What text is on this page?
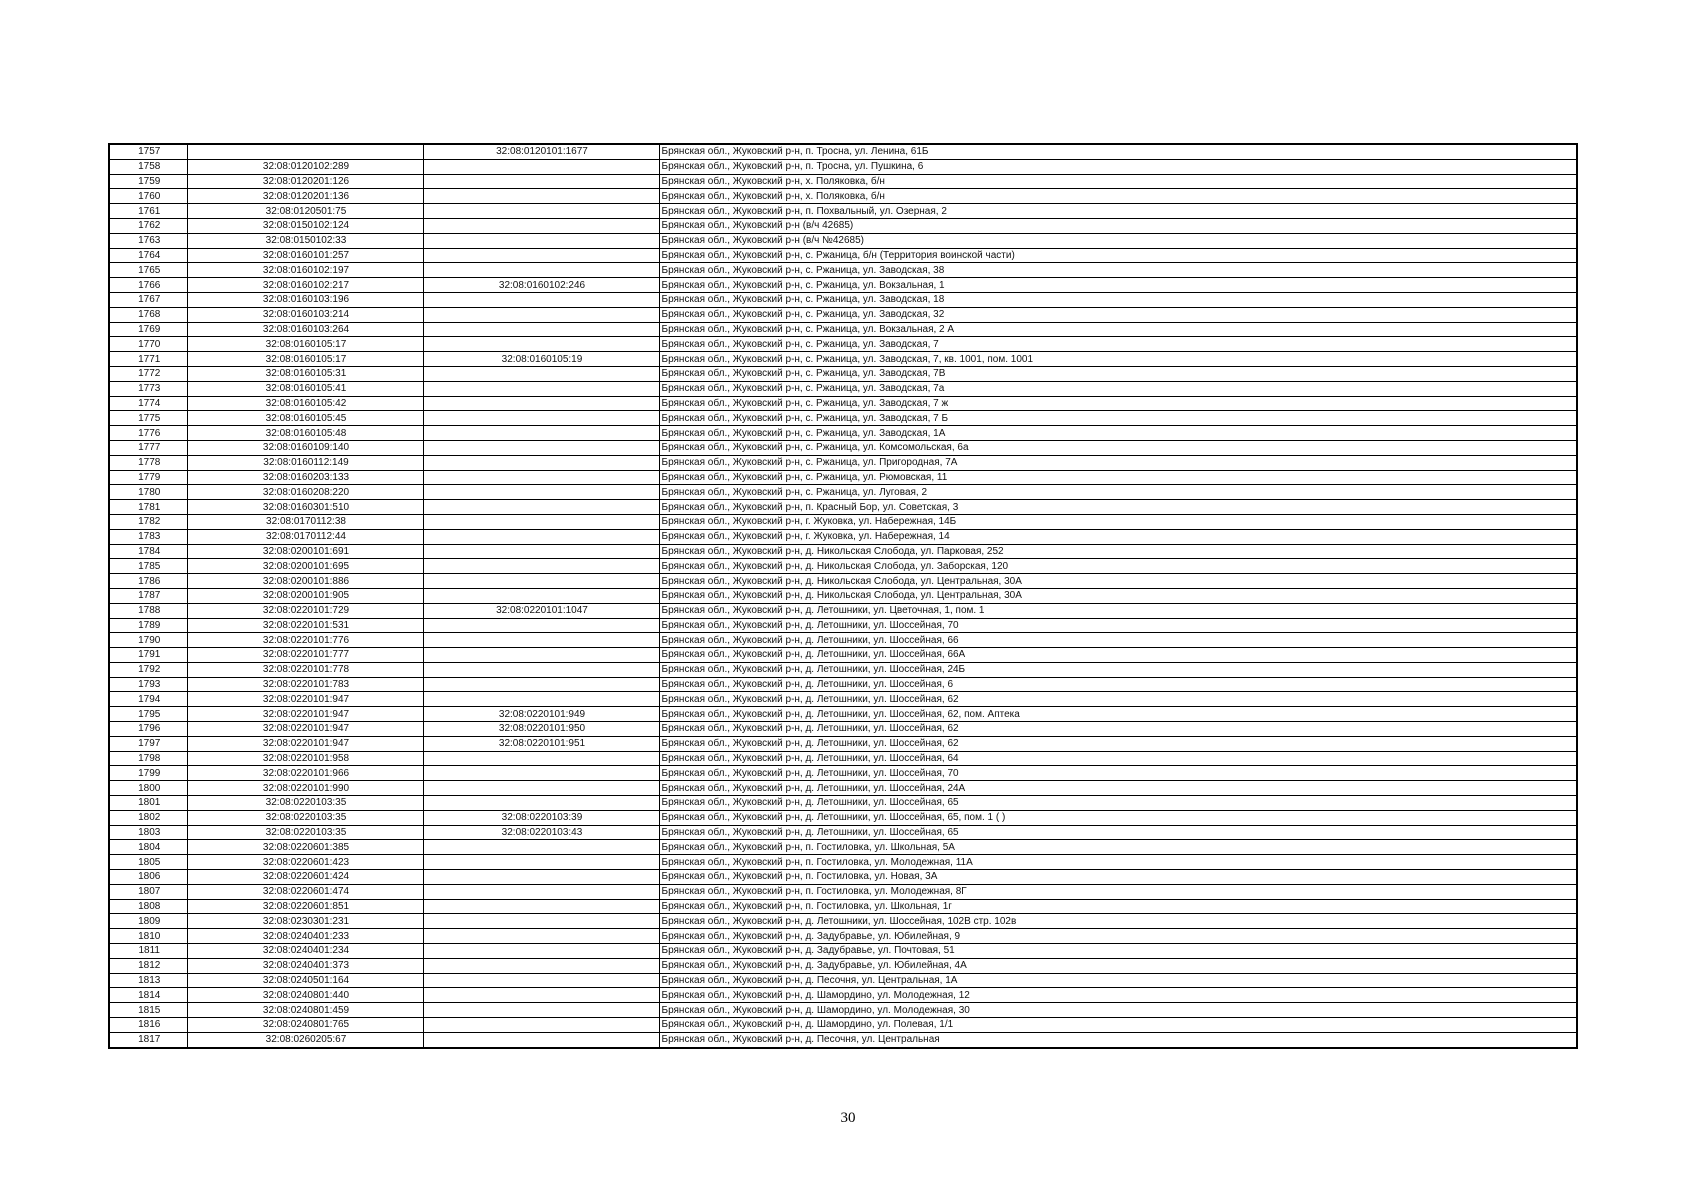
1757		32:08:0120101:1677	Брянская обл., Жуковский р-н, п. Тросна, ул. Ленина, 61Б
1758	32:08:0120102:289		Брянская обл., Жуковский р-н, п. Тросна, ул. Пушкина, 6
1759	32:08:0120201:126		Брянская обл., Жуковский р-н, х. Поляковка, б/н
1760	32:08:0120201:136		Брянская обл., Жуковский р-н, х. Поляковка, б/н
1761	32:08:0120501:75		Брянская обл., Жуковский р-н, п. Похвальный, ул. Озерная, 2
1762	32:08:0150102:124		Брянская обл., Жуковский р-н (в/ч 42685)
1763	32:08:0150102:33		Брянская обл., Жуковский р-н (в/ч №42685)
1764	32:08:0160101:257		Брянская обл., Жуковский р-н, с. Ржаница, б/н (Территория воинской части)
1765	32:08:0160102:197		Брянская обл., Жуковский р-н, с. Ржаница, ул. Заводская, 38
1766	32:08:0160102:217	32:08:0160102:246	Брянская обл., Жуковский р-н, с. Ржаница, ул. Вокзальная, 1
1767	32:08:0160103:196		Брянская обл., Жуковский р-н, с. Ржаница, ул. Заводская, 18
1768	32:08:0160103:214		Брянская обл., Жуковский р-н, с. Ржаница, ул. Заводская, 32
1769	32:08:0160103:264		Брянская обл., Жуковский р-н, с. Ржаница, ул. Вокзальная, 2 А
1770	32:08:0160105:17		Брянская обл., Жуковский р-н, с. Ржаница, ул. Заводская, 7
1771	32:08:0160105:17	32:08:0160105:19	Брянская обл., Жуковский р-н, с. Ржаница, ул. Заводская, 7, кв. 1001, пом. 1001
1772	32:08:0160105:31		Брянская обл., Жуковский р-н, с. Ржаница, ул. Заводская, 7В
1773	32:08:0160105:41		Брянская обл., Жуковский р-н, с. Ржаница, ул. Заводская, 7а
1774	32:08:0160105:42		Брянская обл., Жуковский р-н, с. Ржаница, ул. Заводская, 7 ж
1775	32:08:0160105:45		Брянская обл., Жуковский р-н, с. Ржаница, ул. Заводская, 7 Б
1776	32:08:0160105:48		Брянская обл., Жуковский р-н, с. Ржаница, ул. Заводская, 1А
1777	32:08:0160109:140		Брянская обл., Жуковский р-н, с. Ржаница, ул. Комсомольская, 6а
1778	32:08:0160112:149		Брянская обл., Жуковский р-н, с. Ржаница, ул. Пригородная, 7А
1779	32:08:0160203:133		Брянская обл., Жуковский р-н, с. Ржаница, ул. Рюмовская, 11
1780	32:08:0160208:220		Брянская обл., Жуковский р-н, с. Ржаница, ул. Луговая, 2
1781	32:08:0160301:510		Брянская обл., Жуковский р-н, п. Красный Бор, ул. Советская, 3
1782	32:08:0170112:38		Брянская обл., Жуковский р-н, г. Жуковка, ул. Набережная, 14Б
1783	32:08:0170112:44		Брянская обл., Жуковский р-н, г. Жуковка, ул. Набережная, 14
1784	32:08:0200101:691		Брянская обл., Жуковский р-н, д. Никольская Слобода, ул. Парковая, 252
1785	32:08:0200101:695		Брянская обл., Жуковский р-н, д. Никольская Слобода, ул. Заборская, 120
1786	32:08:0200101:886		Брянская обл., Жуковский р-н, д. Никольская Слобода, ул. Центральная, 30А
1787	32:08:0200101:905		Брянская обл., Жуковский р-н, д. Никольская Слобода, ул. Центральная, 30А
1788	32:08:0220101:729	32:08:0220101:1047	Брянская обл., Жуковский р-н, д. Летошники, ул. Цветочная, 1, пом. 1
1789	32:08:0220101:531		Брянская обл., Жуковский р-н, д. Летошники, ул. Шоссейная, 70
1790	32:08:0220101:776		Брянская обл., Жуковский р-н, д. Летошники, ул. Шоссейная, 66
1791	32:08:0220101:777		Брянская обл., Жуковский р-н, д. Летошники, ул. Шоссейная, 66А
1792	32:08:0220101:778		Брянская обл., Жуковский р-н, д. Летошники, ул. Шоссейная, 24Б
1793	32:08:0220101:783		Брянская обл., Жуковский р-н, д. Летошники, ул. Шоссейная, 6
1794	32:08:0220101:947		Брянская обл., Жуковский р-н, д. Летошники, ул. Шоссейная, 62
1795	32:08:0220101:947	32:08:0220101:949	Брянская обл., Жуковский р-н, д. Летошники, ул. Шоссейная, 62, пом. Аптека
1796	32:08:0220101:947	32:08:0220101:950	Брянская обл., Жуковский р-н, д. Летошники, ул. Шоссейная, 62
1797	32:08:0220101:947	32:08:0220101:951	Брянская обл., Жуковский р-н, д. Летошники, ул. Шоссейная, 62
1798	32:08:0220101:958		Брянская обл., Жуковский р-н, д. Летошники, ул. Шоссейная, 64
1799	32:08:0220101:966		Брянская обл., Жуковский р-н, д. Летошники, ул. Шоссейная, 70
1800	32:08:0220101:990		Брянская обл., Жуковский р-н, д. Летошники, ул. Шоссейная, 24А
1801	32:08:0220103:35		Брянская обл., Жуковский р-н, д. Летошники, ул. Шоссейная, 65
1802	32:08:0220103:35	32:08:0220103:39	Брянская обл., Жуковский р-н, д. Летошники, ул. Шоссейная, 65, пом. 1 ( )
1803	32:08:0220103:35	32:08:0220103:43	Брянская обл., Жуковский р-н, д. Летошники, ул. Шоссейная, 65
1804	32:08:0220601:385		Брянская обл., Жуковский р-н, п. Гостиловка, ул. Школьная, 5А
1805	32:08:0220601:423		Брянская обл., Жуковский р-н, п. Гостиловка, ул. Молодежная, 11А
1806	32:08:0220601:424		Брянская обл., Жуковский р-н, п. Гостиловка, ул. Новая, 3А
1807	32:08:0220601:474		Брянская обл., Жуковский р-н, п. Гостиловка, ул. Молодежная, 8Г
1808	32:08:0220601:851		Брянская обл., Жуковский р-н, п. Гостиловка, ул. Школьная, 1г
1809	32:08:0230301:231		Брянская обл., Жуковский р-н, д. Летошники, ул. Шоссейная, 102В стр. 102в
1810	32:08:0240401:233		Брянская обл., Жуковский р-н, д. Задубравье, ул. Юбилейная, 9
1811	32:08:0240401:234		Брянская обл., Жуковский р-н, д. Задубравье, ул. Почтовая, 51
1812	32:08:0240401:373		Брянская обл., Жуковский р-н, д. Задубравье, ул. Юбилейная, 4А
1813	32:08:0240501:164		Брянская обл., Жуковский р-н, д. Песочня, ул. Центральная, 1А
1814	32:08:0240801:440		Брянская обл., Жуковский р-н, д. Шамордино, ул. Молодежная, 12
1815	32:08:0240801:459		Брянская обл., Жуковский р-н, д. Шамордино, ул. Молодежная, 30
1816	32:08:0240801:765		Брянская обл., Жуковский р-н, д. Шамордино, ул. Полевая, 1/1
1817	32:08:0260205:67		Брянская обл., Жуковский р-н, д. Песочня, ул. Центральная
30
